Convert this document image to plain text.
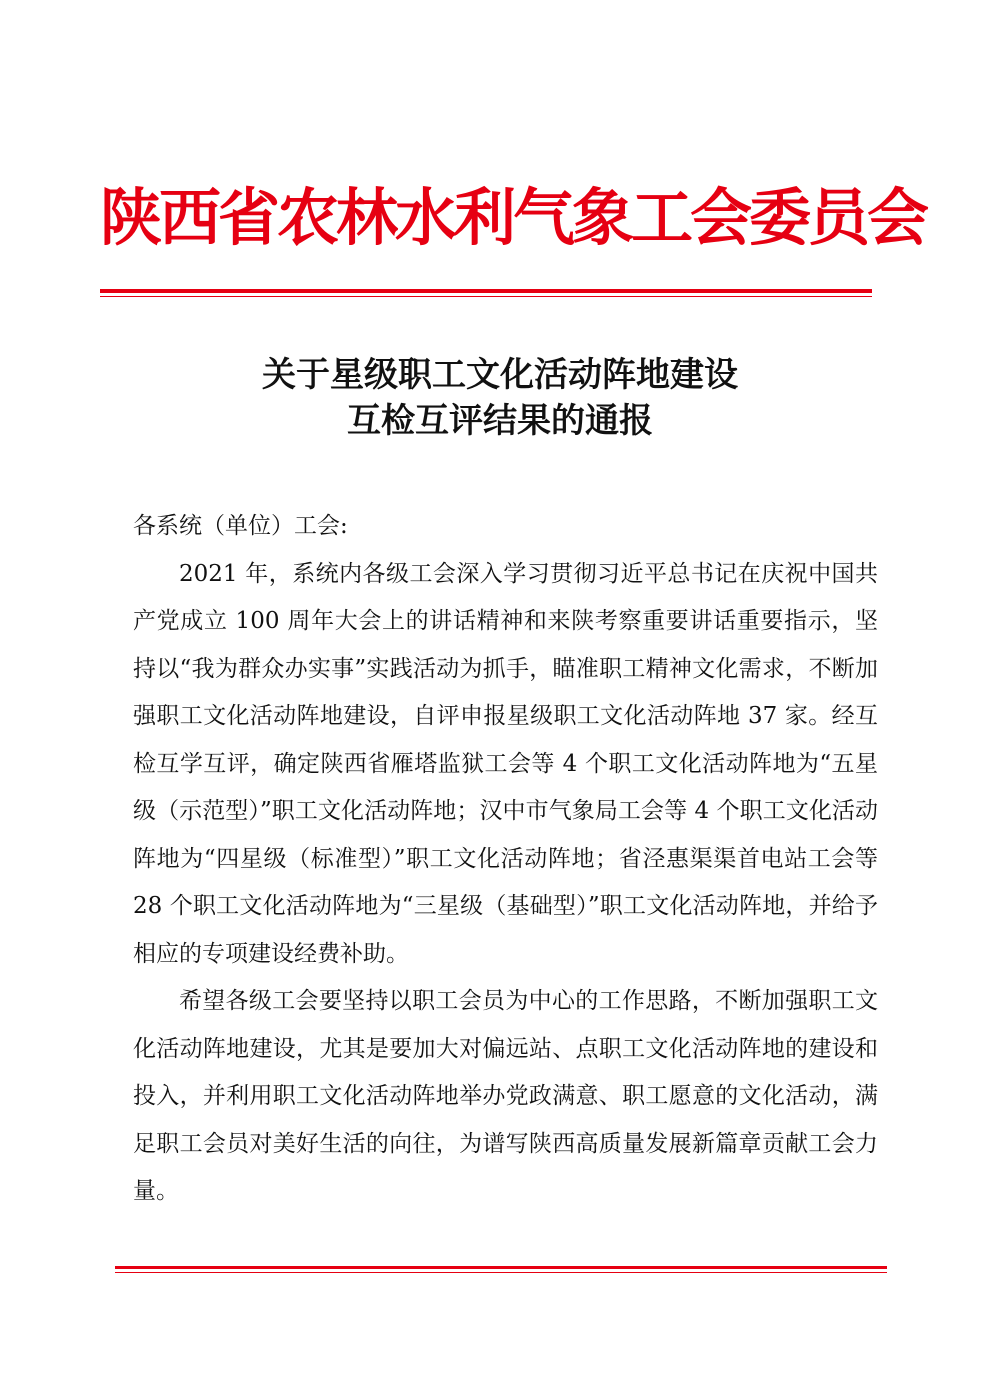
陕西省农林水利气象工会委员会
关于星级职工文化活动阵地建设
互检互评结果的通报

各系统（单位）工会:

2021 年，系统内各级工会深入学习贯彻习近平总书记在庆祝中国共产党成立 100 周年大会上的讲话精神和来陕考察重要讲话重要指示，坚持以“我为群众办实事”实践活动为抓手，瞄准职工精神文化需求，不断加强职工文化活动阵地建设，自评申报星级职工文化活动阵地 37 家。经互检互学互评，确定陕西省雁塔监狱工会等 4 个职工文化活动阵地为“五星级（示范型）”职工文化活动阵地；汉中市气象局工会等 4 个职工文化活动阵地为“四星级（标准型）”职工文化活动阵地；省泾惠渠渠首电站工会等 28 个职工文化活动阵地为“三星级（基础型）”职工文化活动阵地，并给予相应的专项建设经费补助。

希望各级工会要坚持以职工会员为中心的工作思路，不断加强职工文化活动阵地建设，尤其是要加大对偏远站、点职工文化活动阵地的建设和投入，并利用职工文化活动阵地举办党政满意、职工愿意的文化活动，满足职工会员对美好生活的向往，为谱写陕西高质量发展新篇章贡献工会力量。
